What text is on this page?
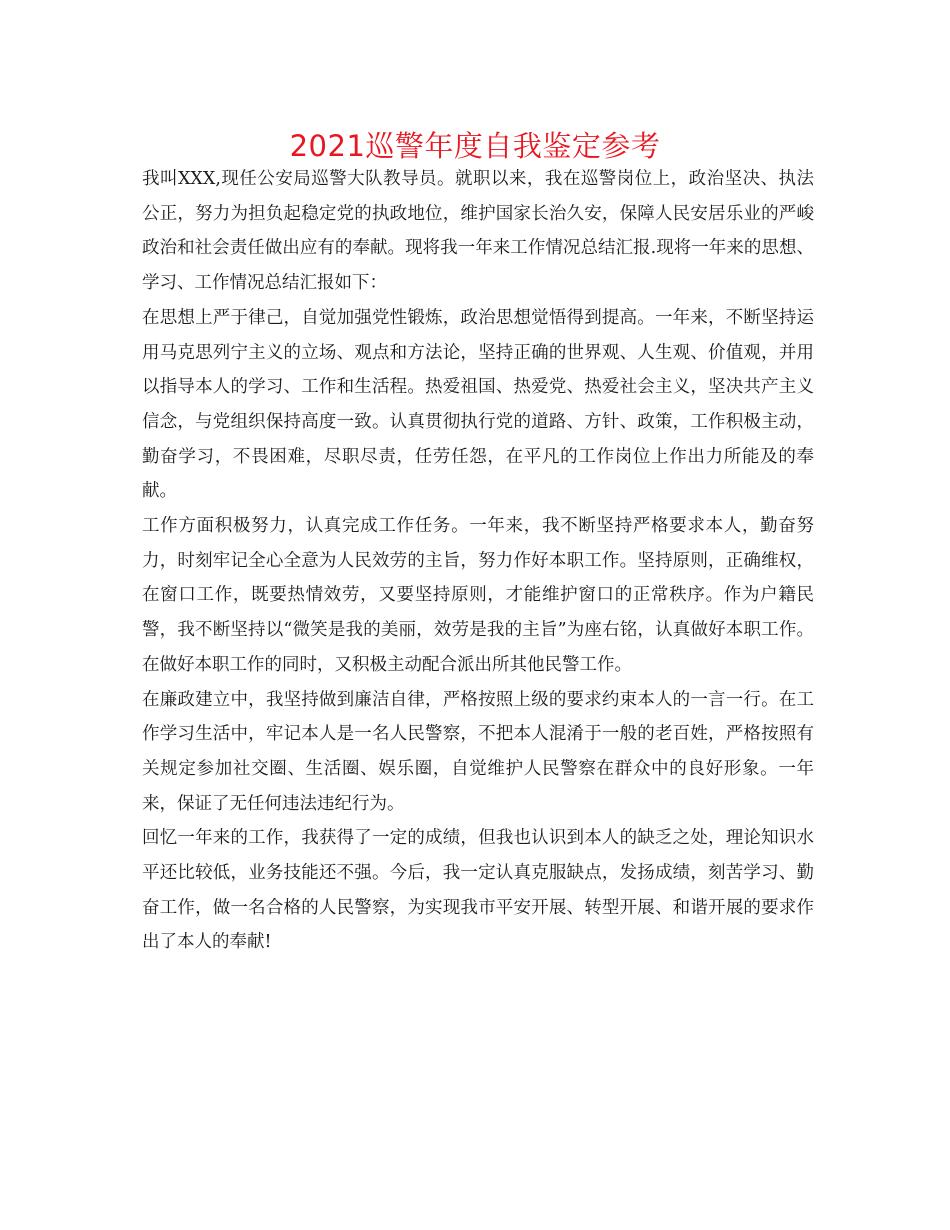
2021巡警年度自我鉴定参考

我叫XXX,现任公安局巡警大队教导员。就职以来，我在巡警岗位上，政治坚决、执法公正，努力为担负起稳定党的执政地位，维护国家长治久安，保障人民安居乐业的严峻政治和社会责任做出应有的奉献。现将我一年来工作情况总结汇报.现将一年来的思想、学习、工作情况总结汇报如下：

在思想上严于律己，自觉加强党性锻炼，政治思想觉悟得到提高。一年来，不断坚持运用马克思列宁主义的立场、观点和方法论，坚持正确的世界观、人生观、价值观，并用以指导本人的学习、工作和生活程。热爱祖国、热爱党、热爱社会主义，坚决共产主义信念，与党组织保持高度一致。认真贯彻执行党的道路、方针、政策，工作积极主动，勤奋学习，不畏困难，尽职尽责，任劳任怨，在平凡的工作岗位上作出力所能及的奉献。

工作方面积极努力，认真完成工作任务。一年来，我不断坚持严格要求本人，勤奋努力，时刻牢记全心全意为人民效劳的主旨，努力作好本职工作。坚持原则，正确维权，在窗口工作，既要热情效劳，又要坚持原则，才能维护窗口的正常秩序。作为户籍民警，我不断坚持以“微笑是我的美丽，效劳是我的主旨”为座右铭，认真做好本职工作。在做好本职工作的同时，又积极主动配合派出所其他民警工作。

在廉政建立中，我坚持做到廉洁自律，严格按照上级的要求约束本人的一言一行。在工作学习生活中，牢记本人是一名人民警察，不把本人混淆于一般的老百姓，严格按照有关规定参加社交圈、生活圈、娱乐圈，自觉维护人民警察在群众中的良好形象。一年来，保证了无任何违法违纪行为。

回忆一年来的工作，我获得了一定的成绩，但我也认识到本人的缺乏之处，理论知识水平还比较低，业务技能还不强。今后，我一定认真克服缺点，发扬成绩，刻苦学习、勤奋工作，做一名合格的人民警察，为实现我市平安开展、转型开展、和谐开展的要求作出了本人的奉献!
